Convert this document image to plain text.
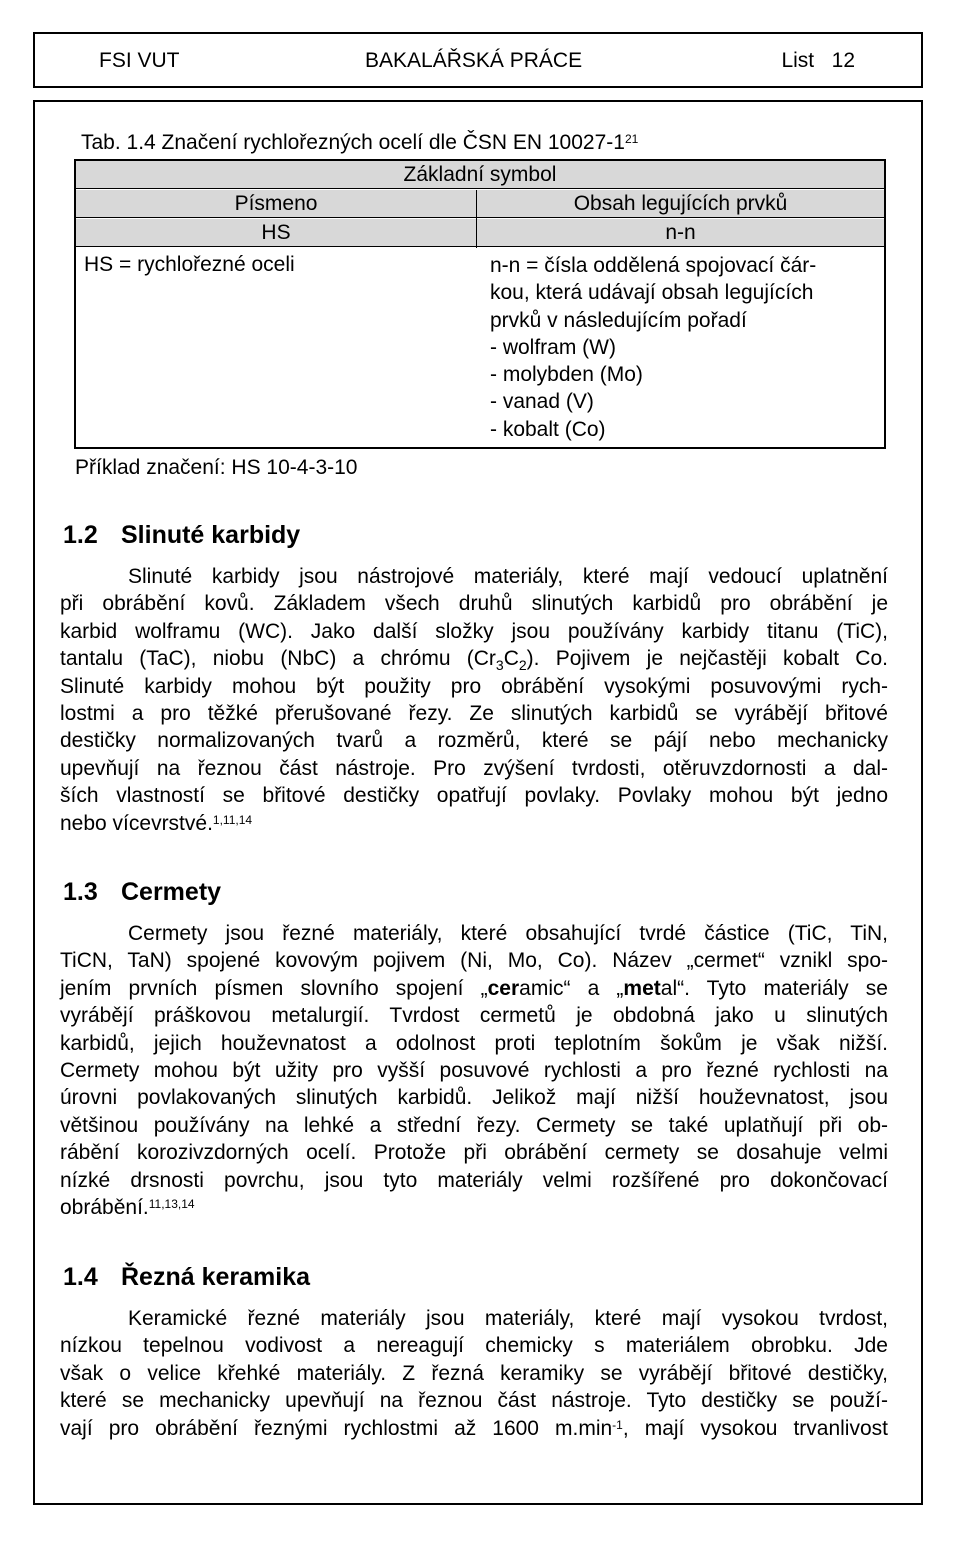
FSI VUT	BAKALÁŘSKÁ PRÁCE	List   12
Tab. 1.4 Značení rychlořezných ocelí dle ČSN EN $10027-1^{21}$
Základní symbol
Písmeno	Obsah legujících prvků
HS	n-n
HS = rychlořezné oceli	n-n = čísla oddělená spojovací čár-
kou, která udávají obsah legujících
prvků v následujícím pořadí
- wolfram (W)
- molybden (Mo)
- vanad (V)
- kobalt (Co)
Příklad značení: HS 10-4-3-10
1.2 Slinuté karbidy
Slinuté karbidy jsou nástrojové materiály, které mají vedoucí uplatnění
při obrábění kovů. Základem všech druhů slinutých karbidů pro obrábění je
karbid wolframu (WC). Jako další složky jsou používány karbidy titanu (TiC),
tantalu (TaC), niobu (NbC) a chrómu $(Cr_3C_2)$. Pojivem je nejčastěji kobalt Co.
Slinuté karbidy mohou být použity pro obrábění vysokými posuvovými rych-
lostmi a pro těžké přerušované řezy. Ze slinutých karbidů se vyrábějí břitové
destičky normalizovaných tvarů a rozměrů, které se pájí nebo mechanicky
upevňují na řeznou část nástroje. Pro zvýšení tvrdosti, otěruvzdornosti a dal-
ších vlastností se břitové destičky opatřují povlaky. Povlaky mohou být jedno
nebo vícevrstvé.$^{1,11,14}$
1.3 Cermety
Cermety jsou řezné materiály, které obsahující tvrdé částice (TiC, TiN,
TiCN, TaN) spojené kovovým pojivem (Ni, Mo, Co). Název „cermet“ vznikl spo-
jením prvních písmen slovního spojení „ceramic“ a „metal“. Tyto materiály se
vyrábějí práškovou metalurgií. Tvrdost cermetů je obdobná jako u slinutých
karbidů, jejich houževnatost a odolnost proti teplotním šokům je však nižší.
Cermety mohou být užity pro vyšší posuvové rychlosti a pro řezné rychlosti na
úrovni povlakovaných slinutých karbidů. Jelikož mají nižší houževnatost, jsou
většinou používány na lehké a střední řezy. Cermety se také uplatňují při ob-
rábění korozivzdorných ocelí. Protože při obrábění cermety se dosahuje velmi
nízké drsnosti povrchu, jsou tyto materiály velmi rozšířené pro dokončovací
obrábění.$^{11,13,14}$
1.4 Řezná keramika
Keramické řezné materiály jsou materiály, které mají vysokou tvrdost,
nízkou tepelnou vodivost a nereagují chemicky s materiálem obrobku. Jde
však o velice křehké materiály. Z řezná keramiky se vyrábějí břitové destičky,
které se mechanicky upevňují na řeznou část nástroje. Tyto destičky se použí-
vají pro obrábění řeznými rychlostmi až 1600 $m.\min^{-1}$, mají vysokou trvanlivost
